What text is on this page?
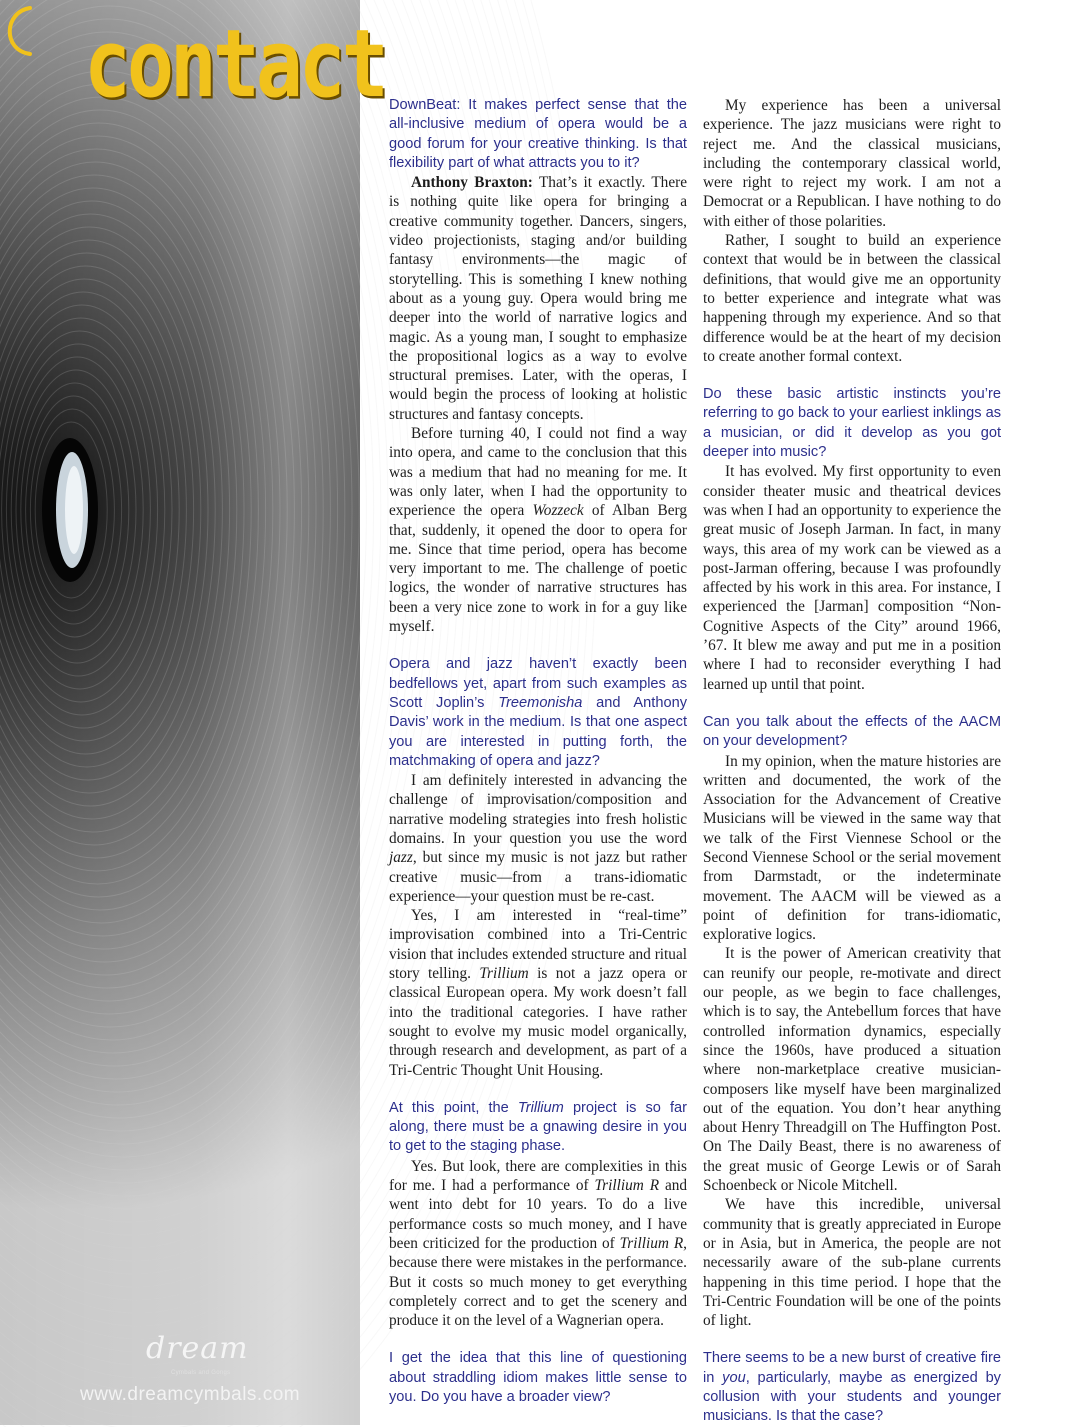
contact
dream
Cymbals and Gongs
www.dreamcymbals.com

DownBeat: It makes perfect sense that the all-inclusive medium of opera would be a good forum for your creative thinking. Is that flexibility part of what attracts you to it?

Anthony Braxton: That’s it exactly. There is nothing quite like opera for bringing a creative community together. Dancers, singers, video projectionists, staging and/or building fantasy environments—the magic of storytelling. This is something I knew nothing about as a young guy. Opera would bring me deeper into the world of narrative logics and magic. As a young man, I sought to emphasize the propositional logics as a way to evolve structural premises. Later, with the operas, I would begin the process of looking at holistic structures and fantasy concepts.

Before turning 40, I could not find a way into opera, and came to the conclusion that this was a medium that had no meaning for me. It was only later, when I had the opportunity to experience the opera Wozzeck of Alban Berg that, suddenly, it opened the door to opera for me. Since that time period, opera has become very important to me. The challenge of poetic logics, the wonder of narrative structures has been a very nice zone to work in for a guy like myself.

Opera and jazz haven’t exactly been bedfellows yet, apart from such examples as Scott Joplin’s Treemonisha and Anthony Davis’ work in the medium. Is that one aspect you are interested in putting forth, the matchmaking of opera and jazz?

I am definitely interested in advancing the challenge of improvisation/composition and narrative modeling strategies into fresh holistic domains. In your question you use the word jazz, but since my music is not jazz but rather creative music—from a trans-idiomatic experience—your question must be re-cast.

Yes, I am interested in “real-time” improvisation combined into a Tri-Centric vision that includes extended structure and ritual story telling. Trillium is not a jazz opera or classical European opera. My work doesn’t fall into the traditional categories. I have rather sought to evolve my music model organically, through research and development, as part of a Tri-Centric Thought Unit Housing.

At this point, the Trillium project is so far along, there must be a gnawing desire in you to get to the staging phase.

Yes. But look, there are complexities in this for me. I had a performance of Trillium R and went into debt for 10 years. To do a live performance costs so much money, and I have been criticized for the production of Trillium R, because there were mistakes in the performance. But it costs so much money to get everything completely correct and to get the scenery and produce it on the level of a Wagnerian opera.

I get the idea that this line of questioning about straddling idiom makes little sense to you. Do you have a broader view?

My experience has been a universal experience. The jazz musicians were right to reject me. And the classical musicians, including the contemporary classical world, were right to reject my work. I am not a Democrat or a Republican. I have nothing to do with either of those polarities.

Rather, I sought to build an experience context that would be in between the classical definitions, that would give me an opportunity to better experience and integrate what was happening through my experience. And so that difference would be at the heart of my decision to create another formal context.

Do these basic artistic instincts you’re referring to go back to your earliest inklings as a musician, or did it develop as you got deeper into music?

It has evolved. My first opportunity to even consider theater music and theatrical devices was when I had an opportunity to experience the great music of Joseph Jarman. In fact, in many ways, this area of my work can be viewed as a post-Jarman offering, because I was profoundly affected by his work in this area. For instance, I experienced the [Jarman] composition “Non-Cognitive Aspects of the City” around 1966, ’67. It blew me away and put me in a position where I had to reconsider everything I had learned up until that point.

Can you talk about the effects of the AACM on your development?

In my opinion, when the mature histories are written and documented, the work of the Association for the Advancement of Creative Musicians will be viewed in the same way that we talk of the First Viennese School or the Second Viennese School or the serial movement from Darmstadt, or the indeterminate movement. The AACM will be viewed as a point of definition for trans-idiomatic, explorative logics.

It is the power of American creativity that can reunify our people, re-motivate and direct our people, as we begin to face challenges, which is to say, the Antebellum forces that have controlled information dynamics, especially since the 1960s, have produced a situation where non-marketplace creative musician-composers like myself have been marginalized out of the equation. You don’t hear anything about Henry Threadgill on The Huffington Post. On The Daily Beast, there is no awareness of the great music of George Lewis or of Sarah Schoenbeck or Nicole Mitchell.

We have this incredible, universal community that is greatly appreciated in Europe or in Asia, but in America, the people are not necessarily aware of the sub-plane currents happening in this time period. I hope that the Tri-Centric Foundation will be one of the points of light.

There seems to be a new burst of creative fire in you, particularly, maybe as energized by collusion with your students and younger musicians. Is that the case?
